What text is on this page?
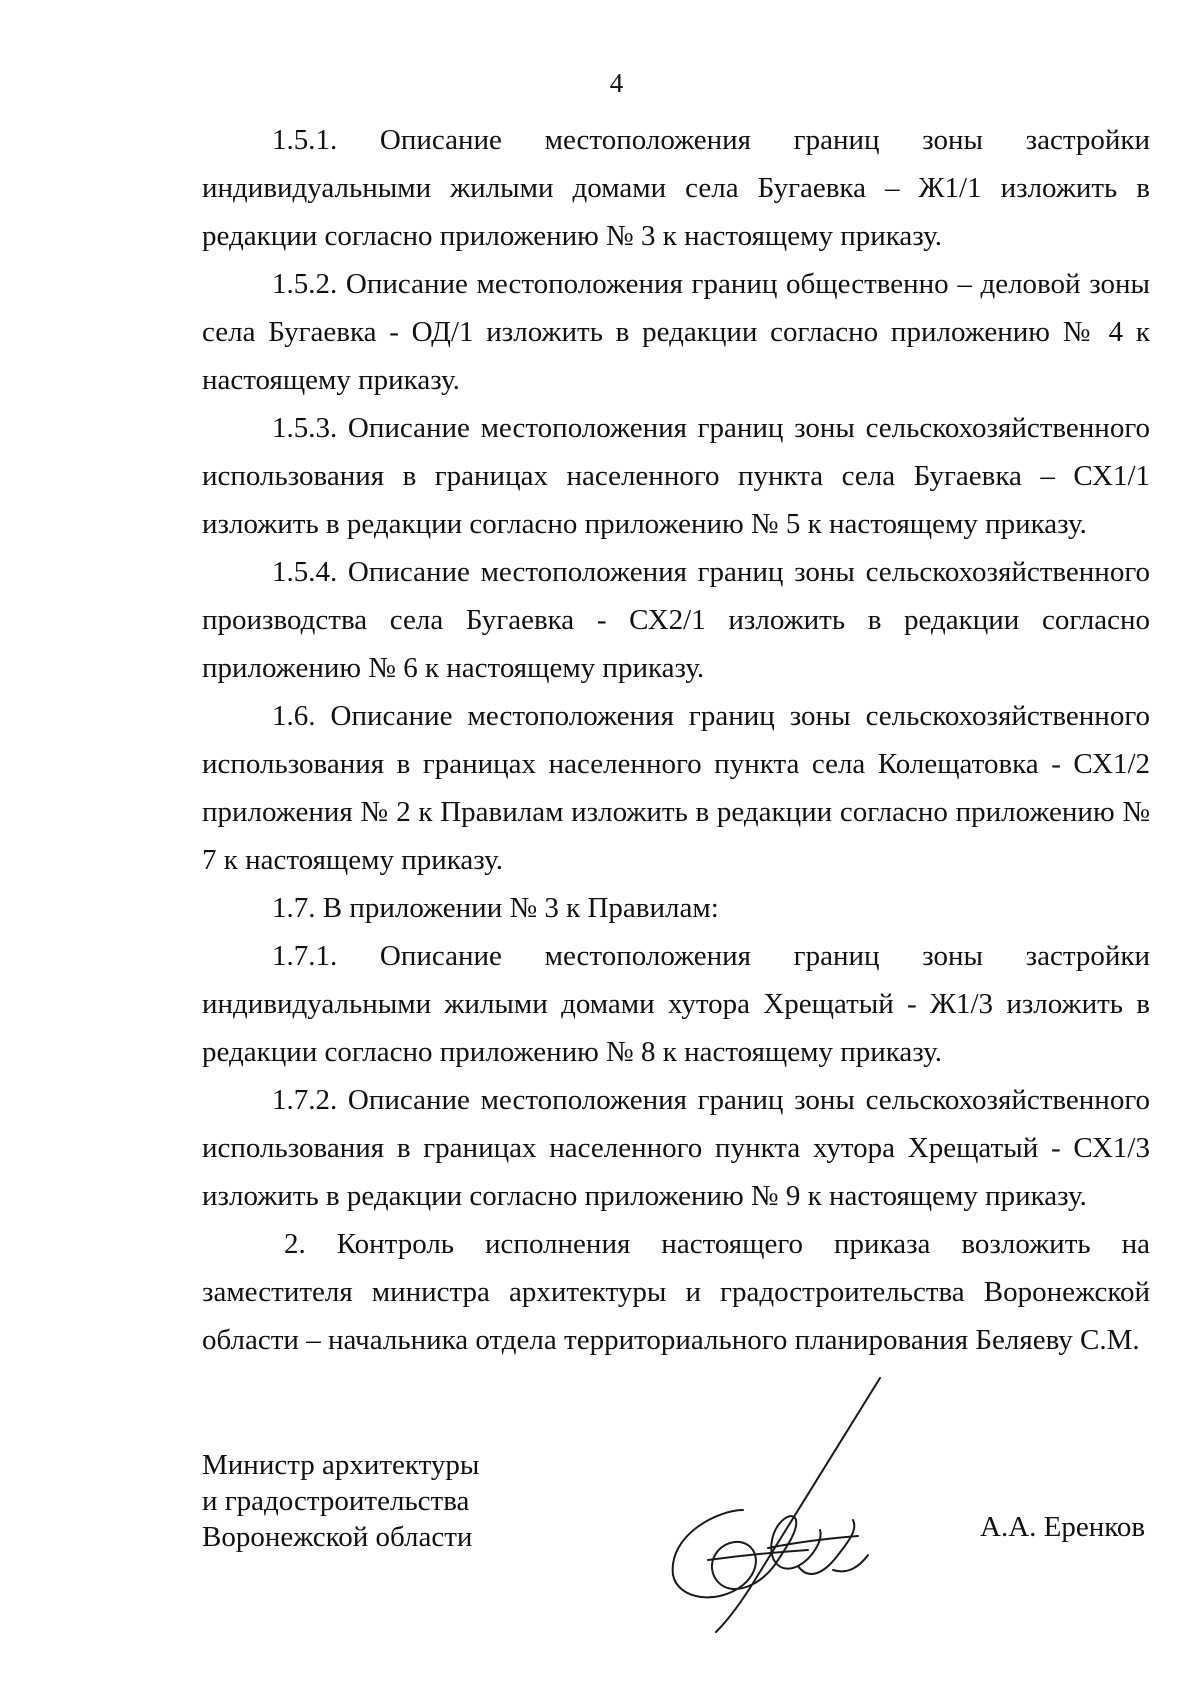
4

1.5.1. Описание местоположения границ зоны застройки индивидуальными жилыми домами села Бугаевка – Ж1/1 изложить в редакции согласно приложению № 3 к настоящему приказу.

1.5.2. Описание местоположения границ общественно – деловой зоны села Бугаевка - ОД/1 изложить в редакции согласно приложению № 4 к настоящему приказу.

1.5.3. Описание местоположения границ зоны сельскохозяйственного использования в границах населенного пункта села Бугаевка – СХ1/1 изложить в редакции согласно приложению № 5 к настоящему приказу.

1.5.4. Описание местоположения границ зоны сельскохозяйственного производства села Бугаевка - СХ2/1 изложить в редакции согласно приложению № 6 к настоящему приказу.

1.6. Описание местоположения границ зоны сельскохозяйственного использования в границах населенного пункта села Колещатовка - СХ1/2 приложения № 2 к Правилам изложить в редакции согласно приложению № 7 к настоящему приказу.

1.7. В приложении № 3 к Правилам:

1.7.1. Описание местоположения границ зоны застройки индивидуальными жилыми домами хутора Хрещатый - Ж1/3 изложить в редакции согласно приложению № 8 к настоящему приказу.

1.7.2. Описание местоположения границ зоны сельскохозяйственного использования в границах населенного пункта хутора Хрещатый - СХ1/3 изложить в редакции согласно приложению № 9 к настоящему приказу.

2. Контроль исполнения настоящего приказа возложить на заместителя министра архитектуры и градостроительства Воронежской области – начальника отдела территориального планирования Беляеву С.М.

Министр архитектуры
и градостроительства
Воронежской области	А.А. Еренков
